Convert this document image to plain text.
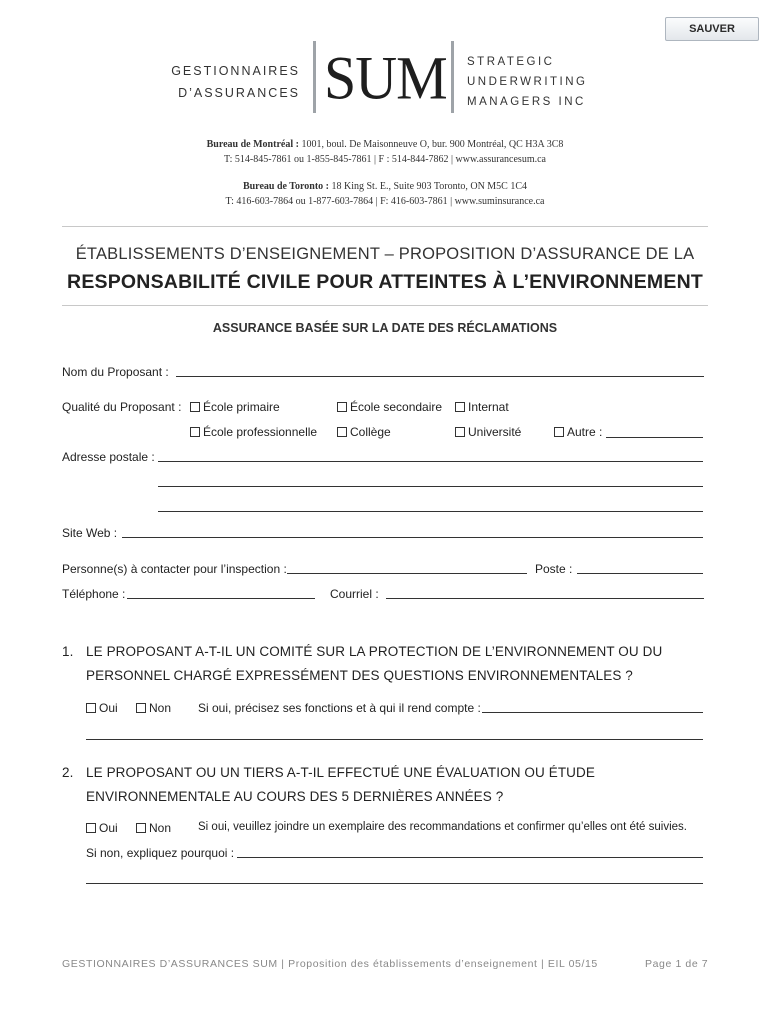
SAUVER
GESTIONNAIRES
D’ASSURANCES SUM STRATEGIC
UNDERWRITING
MANAGERS INC
Bureau de Montréal : 1001, boul. De Maisonneuve O, bur. 900 Montréal, QC H3A 3C8
T: 514-845-7861 ou 1-855-845-7861 | F : 514-844-7862 | www.assurancesum.ca
Bureau de Toronto : 18 King St. E., Suite 903 Toronto, ON M5C 1C4
T: 416-603-7864 ou 1-877-603-7864 | F: 416-603-7861 | www.suminsurance.ca
ÉTABLISSEMENTS D’ENSEIGNEMENT – PROPOSITION D’ASSURANCE DE LA
RESPONSABILITÉ CIVILE POUR ATTEINTES À L’ENVIRONNEMENT
ASSURANCE BASÉE SUR LA DATE DES RÉCLAMATIONS
Nom du Proposant :
Qualité du Proposant :	École primaire	École secondaire	Internat
École professionnelle	Collège	Université	Autre :
Adresse postale :
Site Web :
Personne(s) à contacter pour l’inspection :	Poste :
Téléphone :	Courriel :
1. LE PROPOSANT A-T-IL UN COMITÉ SUR LA PROTECTION DE L’ENVIRONNEMENT OU DU
PERSONNEL CHARGÉ EXPRESSÉMENT DES QUESTIONS ENVIRONNEMENTALES ?
Oui	Non Si oui, précisez ses fonctions et à qui il rend compte :
2. LE PROPOSANT OU UN TIERS A-T-IL EFFECTUÉ UNE ÉVALUATION OU ÉTUDE
ENVIRONNEMENTALE AU COURS DES 5 DERNIÈRES ANNÉES ?
Oui	Non Si oui, veuillez joindre un exemplaire des recommandations et confirmer qu’elles ont été suivies.
Si non, expliquez pourquoi :
GESTIONNAIRES D’ASSURANCES SUM | Proposition des établissements d’enseignement | EIL 05/15	Page 1 de 7
